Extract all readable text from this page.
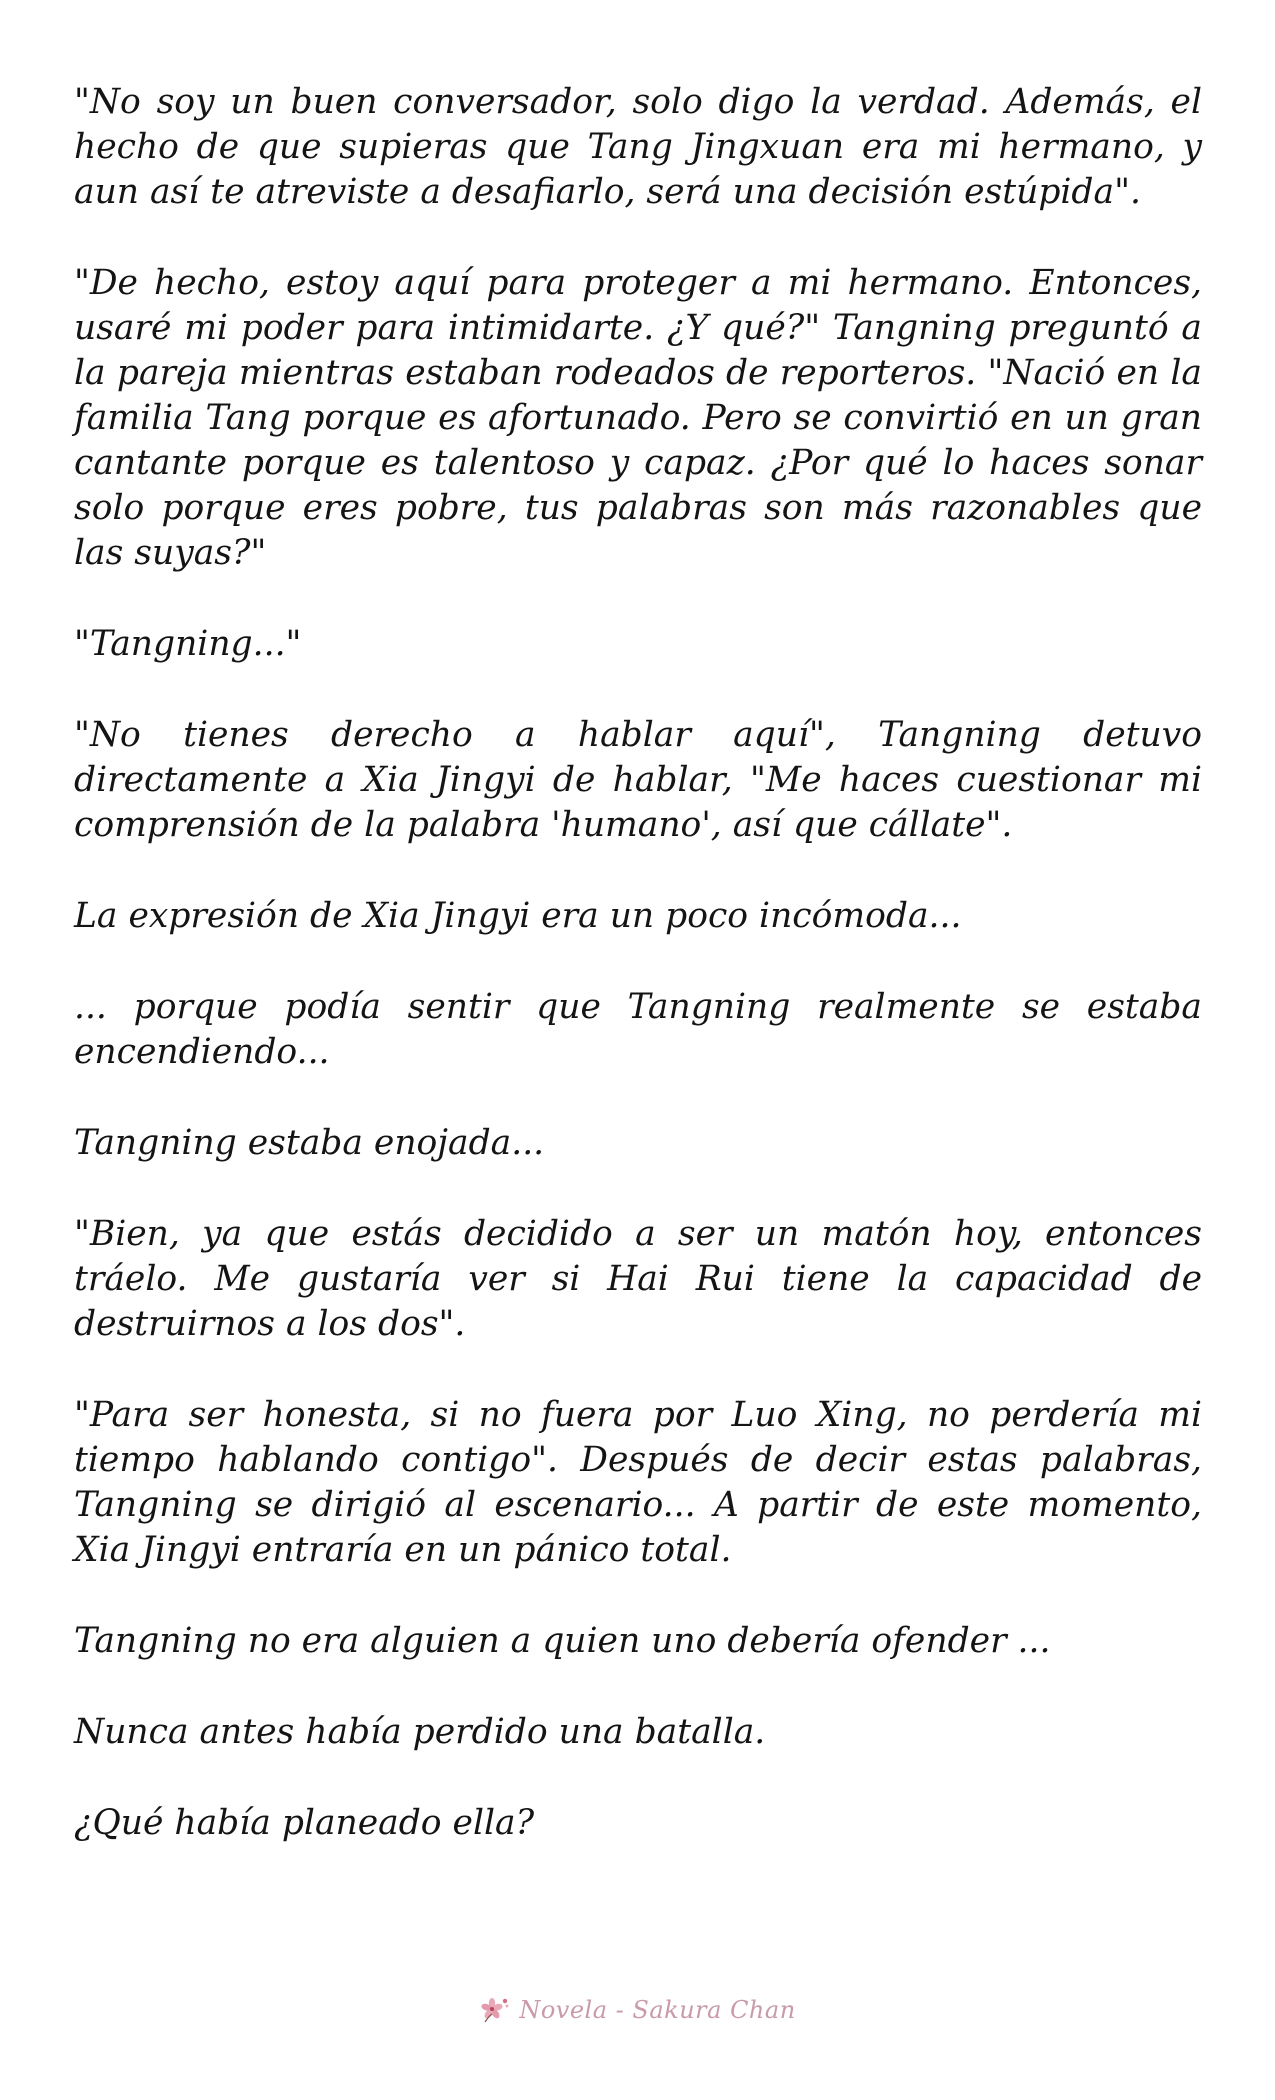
"No soy un buen conversador, solo digo la verdad. Además, el hecho de que supieras que Tang Jingxuan era mi hermano, y aun así te atreviste a desafiarlo, será una decisión estúpida".

"De hecho, estoy aquí para proteger a mi hermano. Entonces, usaré mi poder para intimidarte. ¿Y qué?" Tangning preguntó a la pareja mientras estaban rodeados de reporteros. "Nació en la familia Tang porque es afortunado. Pero se convirtió en un gran cantante porque es talentoso y capaz. ¿Por qué lo haces sonar solo porque eres pobre, tus palabras son más razonables que las suyas?"

"Tangning..."

"No tienes derecho a hablar aquí", Tangning detuvo directamente a Xia Jingyi de hablar, "Me haces cuestionar mi comprensión de la palabra 'humano', así que cállate".

La expresión de Xia Jingyi era un poco incómoda...

... porque podía sentir que Tangning realmente se estaba encendiendo...

Tangning estaba enojada...

"Bien, ya que estás decidido a ser un matón hoy, entonces tráelo. Me gustaría ver si Hai Rui tiene la capacidad de destruirnos a los dos".

"Para ser honesta, si no fuera por Luo Xing, no perdería mi tiempo hablando contigo". Después de decir estas palabras, Tangning se dirigió al escenario... A partir de este momento, Xia Jingyi entraría en un pánico total.

Tangning no era alguien a quien uno debería ofender ...

Nunca antes había perdido una batalla.

¿Qué había planeado ella?

Novela - Sakura Chan
